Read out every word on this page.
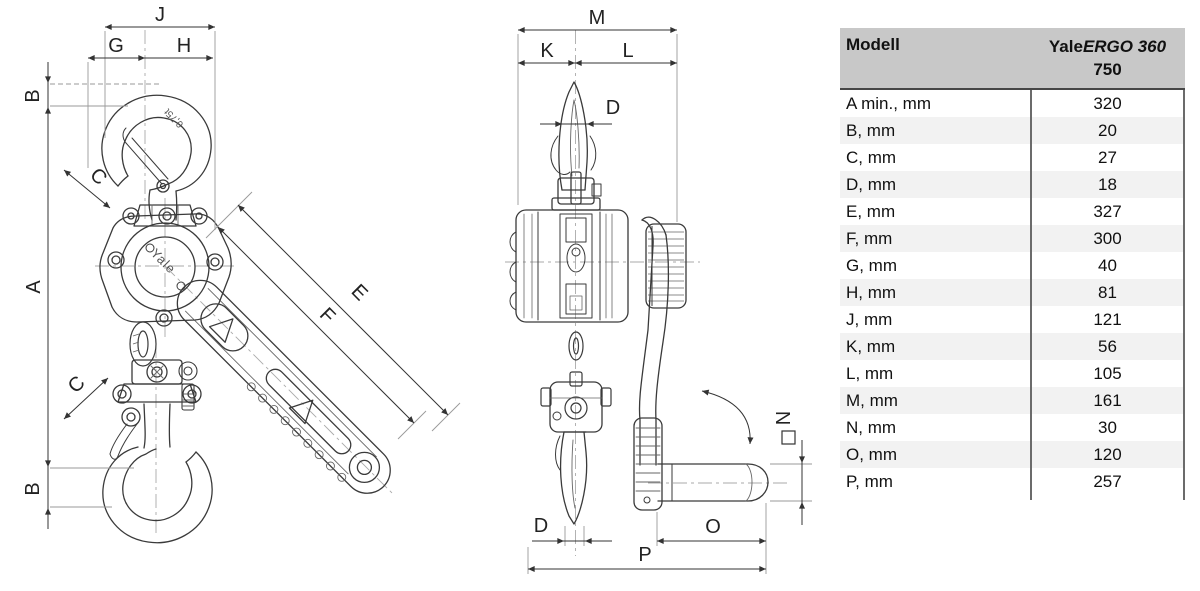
0,75t
Yale
J
G	H
B
A
B
C
C
E
F
M
K	L
D
D	O
P
N
Modell	YaleERGO 360
750
A min., mm	320
B, mm	20
C, mm	27
D, mm	18
E, mm	327
F, mm	300
G, mm	40
H, mm	81
J, mm	121
K, mm	56
L, mm	105
M, mm	161
N, mm	30
O, mm	120
P, mm	257
